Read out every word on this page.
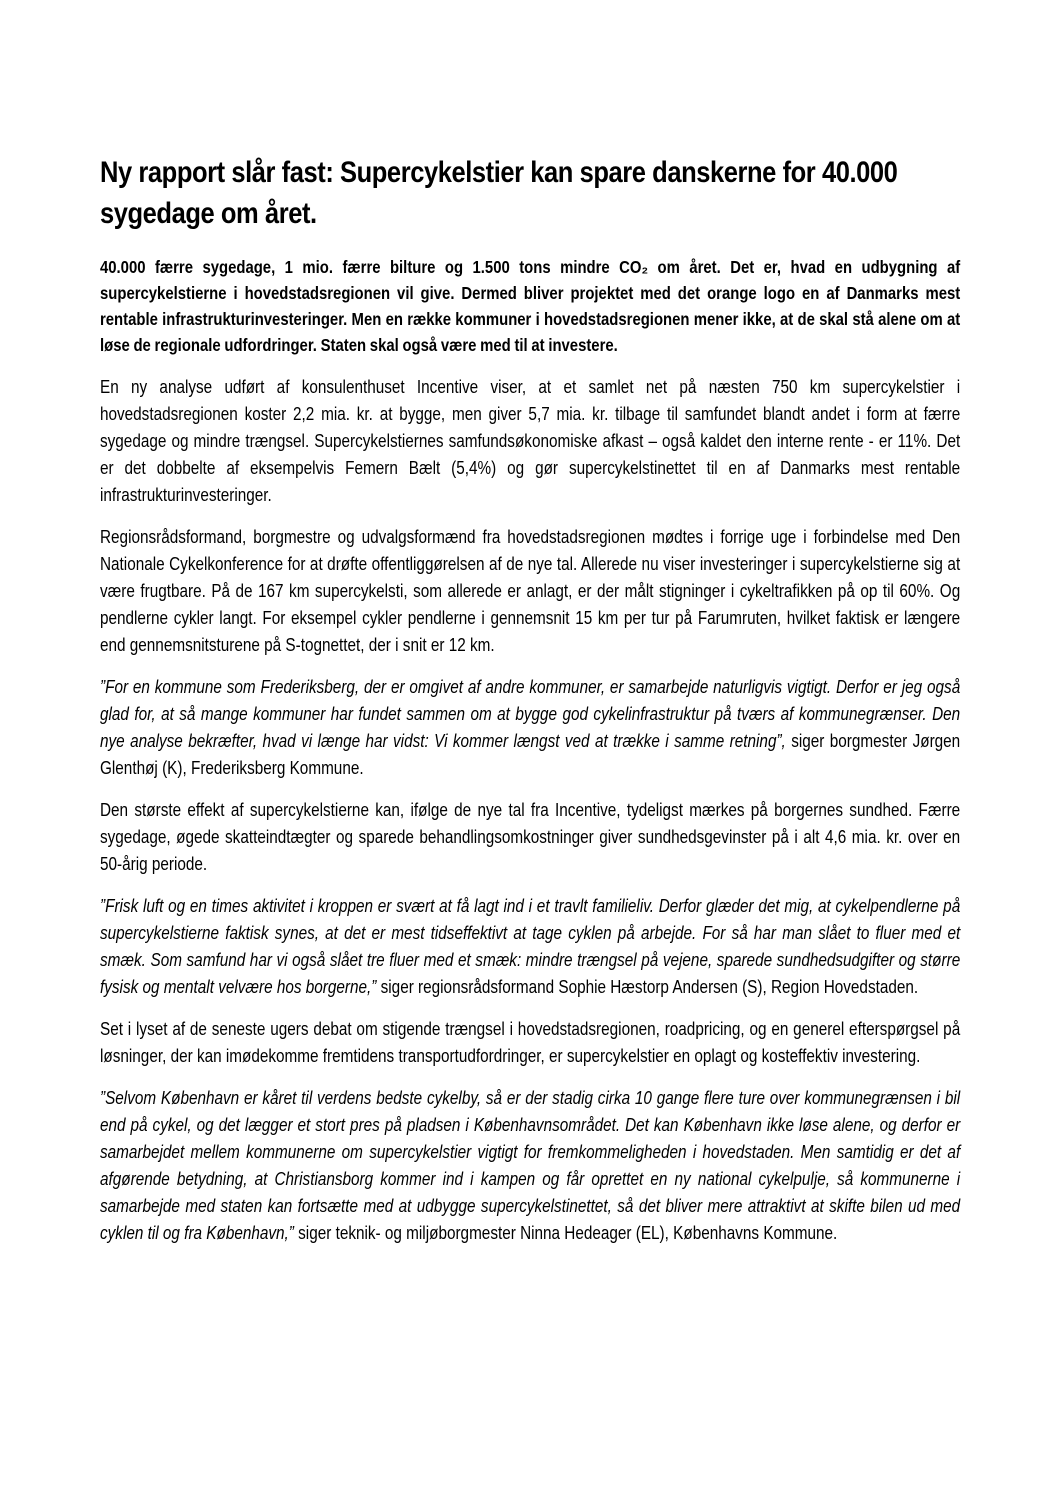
Ny rapport slår fast: Supercykelstier kan spare danskerne for 40.000 sygedage om året.

40.000 færre sygedage, 1 mio. færre bilture og 1.500 tons mindre CO₂ om året. Det er, hvad en udbygning af supercykelstierne i hovedstadsregionen vil give. Dermed bliver projektet med det orange logo en af Danmarks mest rentable infrastrukturinvesteringer. Men en række kommuner i hovedstadsregionen mener ikke, at de skal stå alene om at løse de regionale udfordringer. Staten skal også være med til at investere.

En ny analyse udført af konsulenthuset Incentive viser, at et samlet net på næsten 750 km supercykelstier i hovedstadsregionen koster 2,2 mia. kr. at bygge, men giver 5,7 mia. kr. tilbage til samfundet blandt andet i form at færre sygedage og mindre trængsel. Supercykelstiernes samfundsøkonomiske afkast – også kaldet den interne rente - er 11%. Det er det dobbelte af eksempelvis Femern Bælt (5,4%) og gør supercykelstinettet til en af Danmarks mest rentable infrastrukturinvesteringer.

Regionsrådsformand, borgmestre og udvalgsformænd fra hovedstadsregionen mødtes i forrige uge i forbindelse med Den Nationale Cykelkonference for at drøfte offentliggørelsen af de nye tal. Allerede nu viser investeringer i supercykelstierne sig at være frugtbare. På de 167 km supercykelsti, som allerede er anlagt, er der målt stigninger i cykeltrafikken på op til 60%. Og pendlerne cykler langt. For eksempel cykler pendlerne i gennemsnit 15 km per tur på Farumruten, hvilket faktisk er længere end gennemsnitsturene på S-tognettet, der i snit er 12 km.

”For en kommune som Frederiksberg, der er omgivet af andre kommuner, er samarbejde naturligvis vigtigt. Derfor er jeg også glad for, at så mange kommuner har fundet sammen om at bygge god cykelinfrastruktur på tværs af kommunegrænser. Den nye analyse bekræfter, hvad vi længe har vidst: Vi kommer længst ved at trække i samme retning”, siger borgmester Jørgen Glenthøj (K), Frederiksberg Kommune.

Den største effekt af supercykelstierne kan, ifølge de nye tal fra Incentive, tydeligst mærkes på borgernes sundhed. Færre sygedage, øgede skatteindtægter og sparede behandlingsomkostninger giver sundhedsgevinster på i alt 4,6 mia. kr. over en 50-årig periode.

”Frisk luft og en times aktivitet i kroppen er svært at få lagt ind i et travlt familieliv. Derfor glæder det mig, at cykelpendlerne på supercykelstierne faktisk synes, at det er mest tidseffektivt at tage cyklen på arbejde. For så har man slået to fluer med et smæk. Som samfund har vi også slået tre fluer med et smæk: mindre trængsel på vejene, sparede sundhedsudgifter og større fysisk og mentalt velvære hos borgerne,” siger regionsrådsformand Sophie Hæstorp Andersen (S), Region Hovedstaden.

Set i lyset af de seneste ugers debat om stigende trængsel i hovedstadsregionen, roadpricing, og en generel efterspørgsel på løsninger, der kan imødekomme fremtidens transportudfordringer, er supercykelstier en oplagt og kosteffektiv investering.

”Selvom København er kåret til verdens bedste cykelby, så er der stadig cirka 10 gange flere ture over kommunegrænsen i bil end på cykel, og det lægger et stort pres på pladsen i Københavnsområdet. Det kan København ikke løse alene, og derfor er samarbejdet mellem kommunerne om supercykelstier vigtigt for fremkommeligheden i hovedstaden. Men samtidig er det af afgørende betydning, at Christiansborg kommer ind i kampen og får oprettet en ny national cykelpulje, så kommunerne i samarbejde med staten kan fortsætte med at udbygge supercykelstinettet, så det bliver mere attraktivt at skifte bilen ud med cyklen til og fra København,” siger teknik- og miljøborgmester Ninna Hedeager (EL), Københavns Kommune.
